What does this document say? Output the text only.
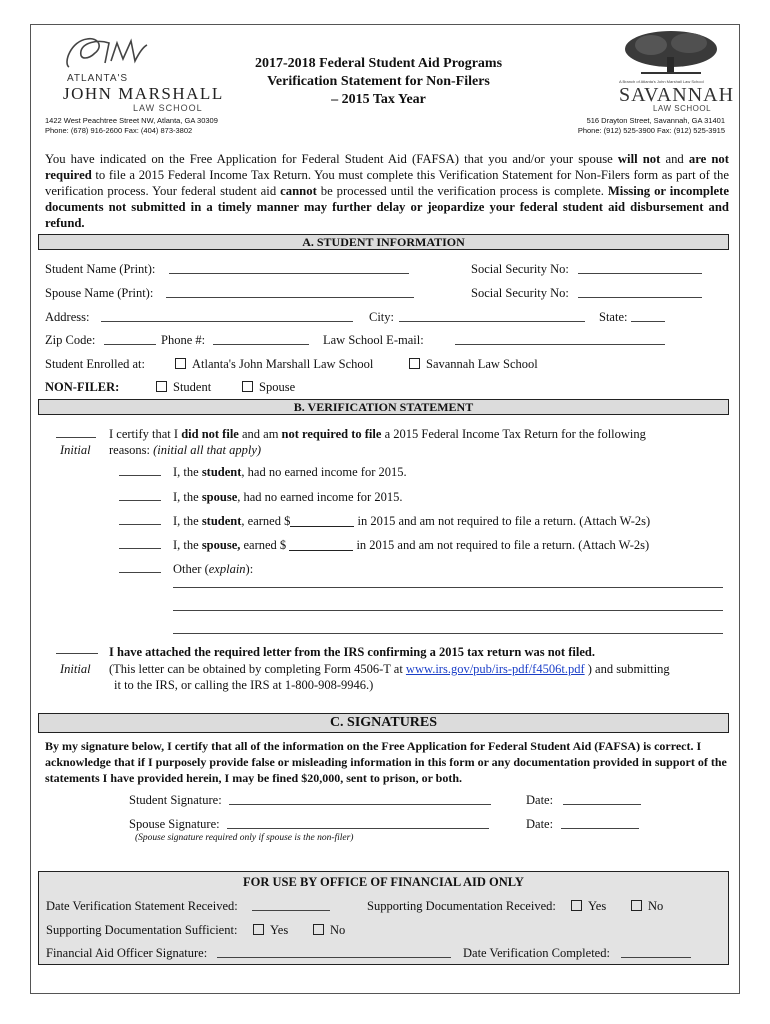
ATLANTA'S
JOHN MARSHALL
LAW SCHOOL
1422 West Peachtree Street NW, Atlanta, GA 30309
Phone: (678) 916-2600 Fax: (404) 873-3802
2017-2018 Federal Student Aid Programs
Verification Statement for Non-Filers
– 2015 Tax Year
A Branch of Atlanta's John Marshall Law School
SAVANNAH
LAW SCHOOL
516 Drayton Street, Savannah, GA 31401
Phone: (912) 525-3900 Fax: (912) 525-3915
You have indicated on the Free Application for Federal Student Aid (FAFSA) that you and/or your spouse will not and are not required to file a 2015 Federal Income Tax Return. You must complete this Verification Statement for Non-Filers form as part of the verification process. Your federal student aid cannot be processed until the verification process is complete. Missing or incomplete documents not submitted in a timely manner may further delay or jeopardize your federal student aid disbursement and refund.
A. STUDENT INFORMATION
Student Name (Print):	Social Security No:
Spouse Name (Print):	Social Security No:
Address:	City:	State:
Zip Code:	Phone #:	Law School E-mail:
Student Enrolled at:	Atlanta's John Marshall Law School	Savannah Law School
NON-FILER:	Student	Spouse
B. VERIFICATION STATEMENT
Initial
I certify that I did not file and am not required to file a 2015 Federal Income Tax Return for the following
reasons: (initial all that apply)
I, the student, had no earned income for 2015.
I, the spouse, had no earned income for 2015.
I, the student, earned $	in 2015 and am not required to file a return. (Attach W-2s)
I, the spouse, earned $	in 2015 and am not required to file a return. (Attach W-2s)
Other (explain):
Initial
I have attached the required letter from the IRS confirming a 2015 tax return was not filed.
(This letter can be obtained by completing Form 4506-T at www.irs.gov/pub/irs-pdf/f4506t.pdf ) and submitting
it to the IRS, or calling the IRS at 1-800-908-9946.)
C. SIGNATURES
By my signature below, I certify that all of the information on the Free Application for Federal Student Aid (FAFSA) is correct. I acknowledge that if I purposely provide false or misleading information in this form or any documentation provided in support of the statements I have provided herein, I may be fined $20,000, sent to prison, or both.
Student Signature:	Date:
Spouse Signature:	Date:
(Spouse signature required only if spouse is the non-filer)
FOR USE BY OFFICE OF FINANCIAL AID ONLY
Date Verification Statement Received:	Supporting Documentation Received:	Yes	No
Supporting Documentation Sufficient:	Yes	No
Financial Aid Officer Signature:	Date Verification Completed:
